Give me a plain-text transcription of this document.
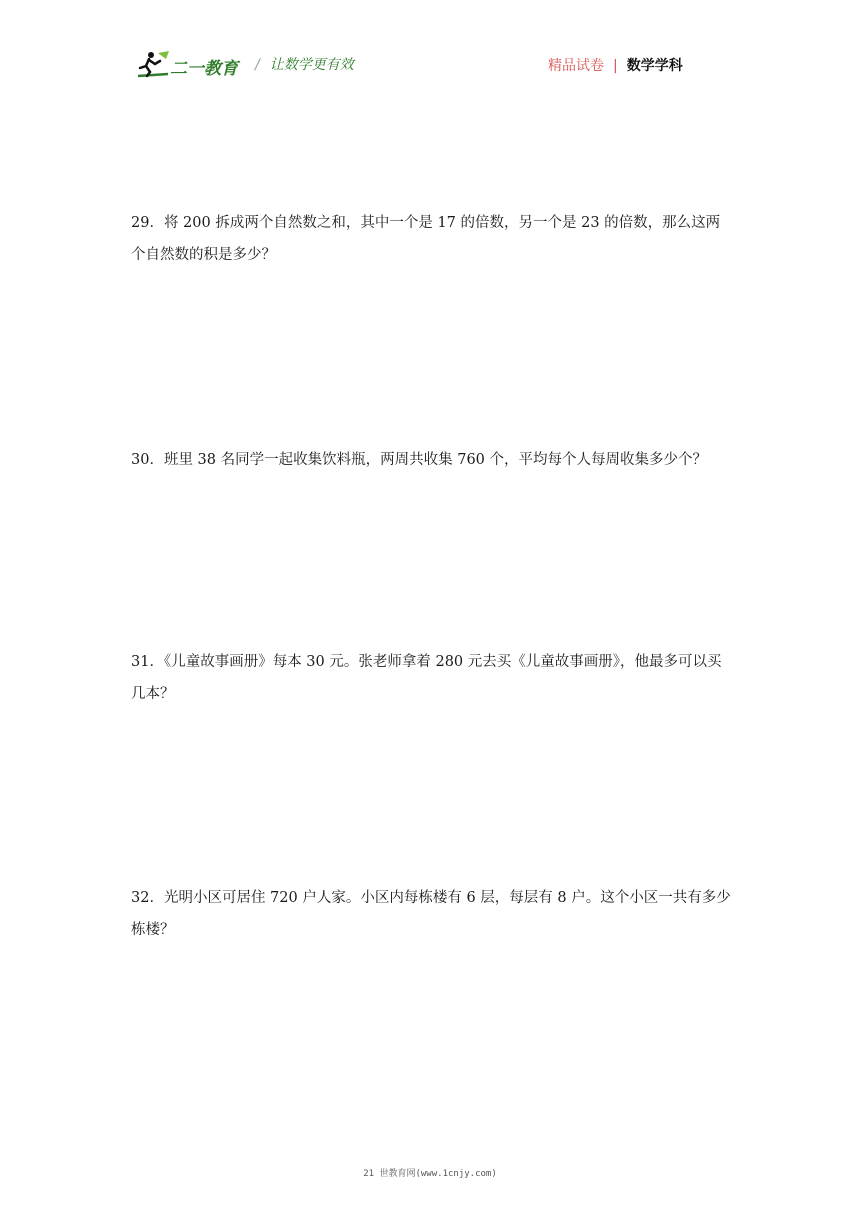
二一教育 / 让数学更有效	精品试卷 | 数学学科
29．将 200 拆成两个自然数之和，其中一个是 17 的倍数，另一个是 23 的倍数，那么这两个自然数的积是多少？
30．班里 38 名同学一起收集饮料瓶，两周共收集 760 个，平均每个人每周收集多少个？
31．《儿童故事画册》每本 30 元。张老师拿着 280 元去买《儿童故事画册》，他最多可以买几本？
32．光明小区可居住 720 户人家。小区内每栋楼有 6 层，每层有 8 户。这个小区一共有多少栋楼？
21 世教育网(www.1cnjy.com)
